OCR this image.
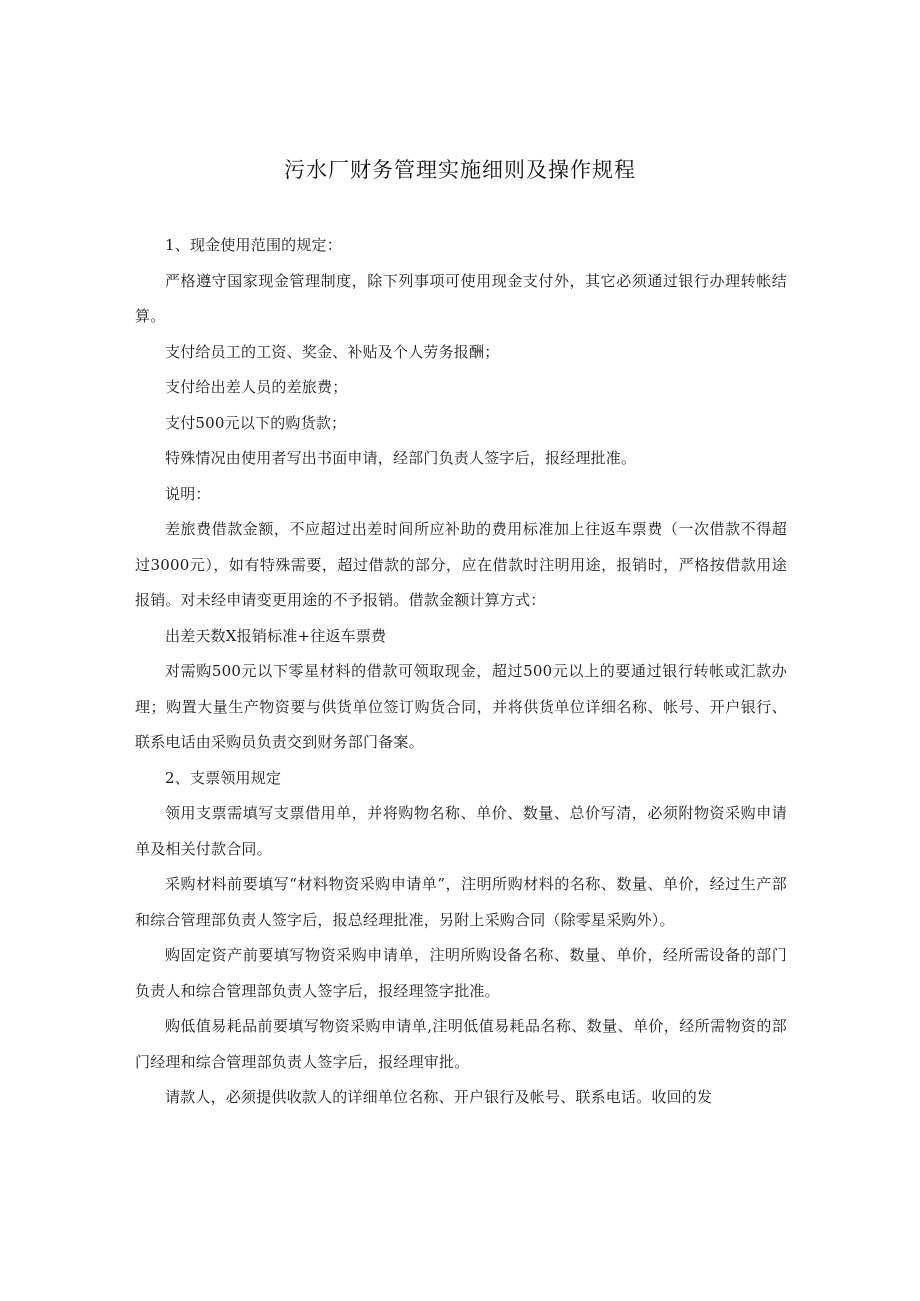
污水厂财务管理实施细则及操作规程

1、现金使用范围的规定：

严格遵守国家现金管理制度，除下列事项可使用现金支付外，其它必须通过银行办理转帐结算。

支付给员工的工资、奖金、补贴及个人劳务报酬；

支付给出差人员的差旅费；

支付500元以下的购货款；

特殊情况由使用者写出书面申请，经部门负责人签字后，报经理批准。

说明：

差旅费借款金额，不应超过出差时间所应补助的费用标准加上往返车票费（一次借款不得超过3000元），如有特殊需要，超过借款的部分，应在借款时注明用途，报销时，严格按借款用途报销。对未经申请变更用途的不予报销。借款金额计算方式：

出差天数X报销标准+往返车票费

对需购500元以下零星材料的借款可领取现金，超过500元以上的要通过银行转帐或汇款办理；购置大量生产物资要与供货单位签订购货合同，并将供货单位详细名称、帐号、开户银行、联系电话由采购员负责交到财务部门备案。

2、支票领用规定

领用支票需填写支票借用单，并将购物名称、单价、数量、总价写清，必须附物资采购申请单及相关付款合同。

采购材料前要填写“材料物资采购申请单”，注明所购材料的名称、数量、单价，经过生产部和综合管理部负责人签字后，报总经理批准，另附上采购合同（除零星采购外）。

购固定资产前要填写物资采购申请单，注明所购设备名称、数量、单价，经所需设备的部门负责人和综合管理部负责人签字后，报经理签字批准。

购低值易耗品前要填写物资采购申请单,注明低值易耗品名称、数量、单价，经所需物资的部门经理和综合管理部负责人签字后，报经理审批。

请款人，必须提供收款人的详细单位名称、开户银行及帐号、联系电话。收回的发
